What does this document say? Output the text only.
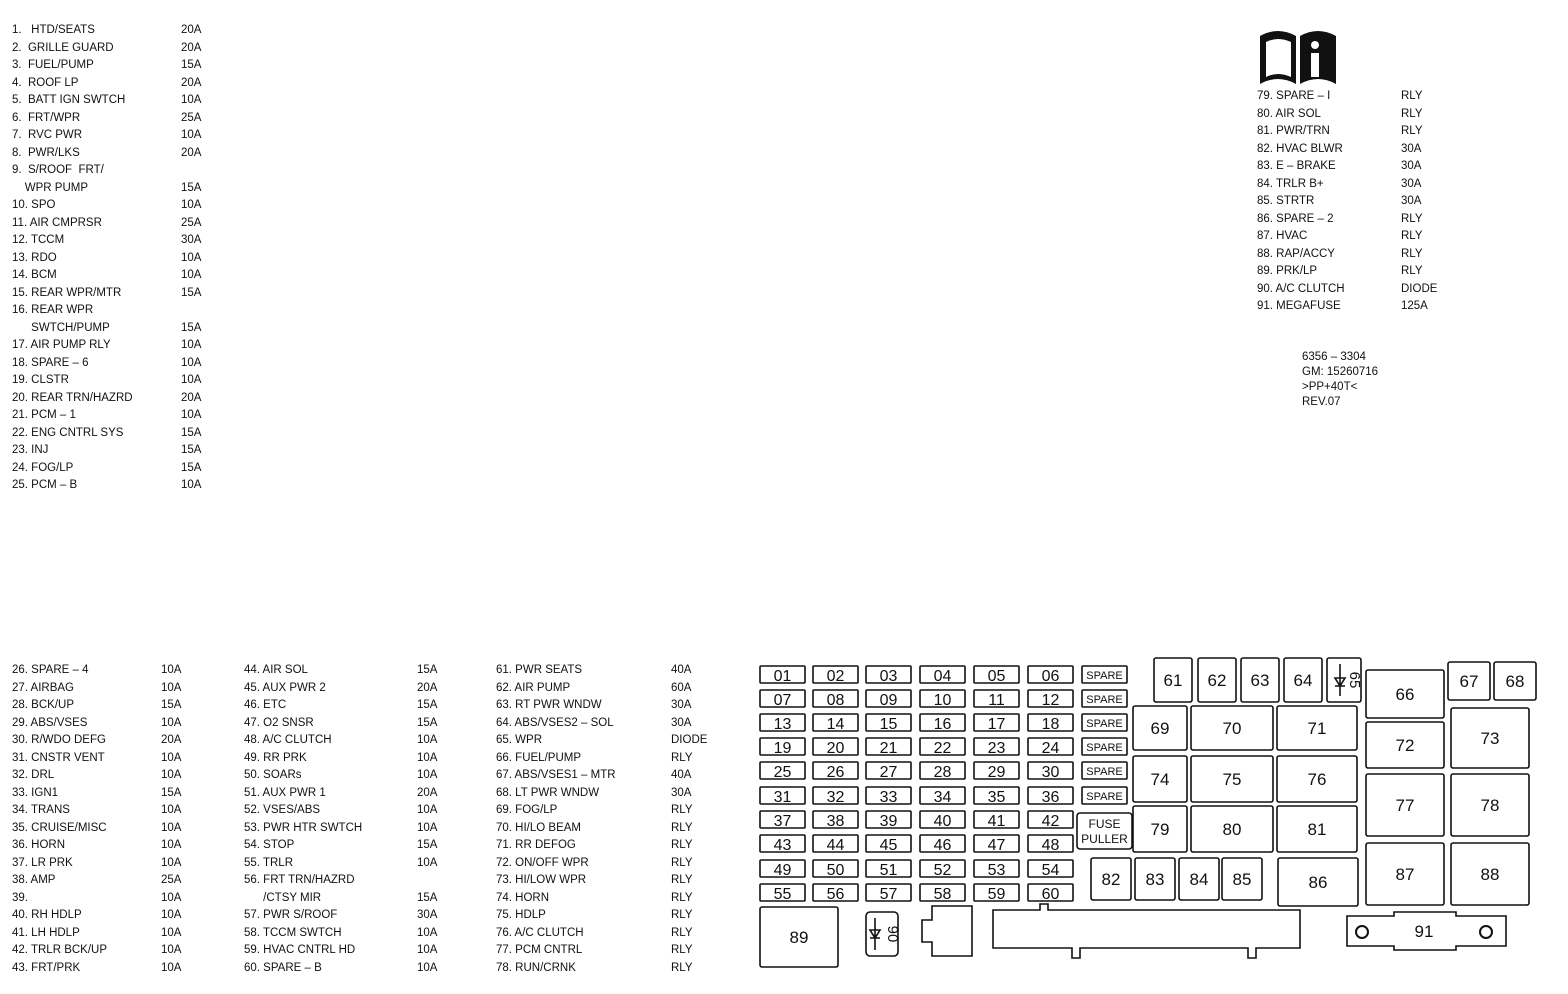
1.   HTD/SEATS	20A
2.  GRILLE GUARD	20A
3.  FUEL/PUMP	15A
4.  ROOF LP	20A
5.  BATT IGN SWTCH	10A
6.  FRT/WPR	25A
7.  RVC PWR	10A
8.  PWR/LKS	20A
9.  S/ROOF  FRT/
WPR PUMP	15A
10. SPO	10A
11. AIR CMPRSR	25A
12. TCCM	30A
13. RDO	10A
14. BCM	10A
15. REAR WPR/MTR	15A
16. REAR WPR
SWTCH/PUMP	15A
17. AIR PUMP RLY	10A
18. SPARE – 6	10A
19. CLSTR	10A
20. REAR TRN/HAZRD	20A
21. PCM – 1	10A
22. ENG CNTRL SYS	15A
23. INJ	15A
24. FOG/LP	15A
25. PCM – B	10A
79. SPARE – I	RLY
80. AIR SOL	RLY
81. PWR/TRN	RLY
82. HVAC BLWR	30A
83. E – BRAKE	30A
84. TRLR B+	30A
85. STRTR	30A
86. SPARE – 2	RLY
87. HVAC	RLY
88. RAP/ACCY	RLY
89. PRK/LP	RLY
90. A/C CLUTCH	DIODE
91. MEGAFUSE	125A
6356 – 3304
GM: 15260716
>PP+40T<
REV.07
26. SPARE – 4	10A
27. AIRBAG	10A
28. BCK/UP	15A
29. ABS/VSES	10A
30. R/WDO DEFG	20A
31. CNSTR VENT	10A
32. DRL	10A
33. IGN1	15A
34. TRANS	10A
35. CRUISE/MISC	10A
36. HORN	10A
37. LR PRK	10A
38. AMP	25A
39.	10A
40. RH HDLP	10A
41. LH HDLP	10A
42. TRLR BCK/UP	10A
43. FRT/PRK	10A
44. AIR SOL	15A
45. AUX PWR 2	20A
46. ETC	15A
47. O2 SNSR	15A
48. A/C CLUTCH	10A
49. RR PRK	10A
50. SOARs	10A
51. AUX PWR 1	20A
52. VSES/ABS	10A
53. PWR HTR SWTCH	10A
54. STOP	15A
55. TRLR	10A
56. FRT TRN/HAZRD
/CTSY MIR	15A
57. PWR S/ROOF	30A
58. TCCM SWTCH	10A
59. HVAC CNTRL HD	10A
60. SPARE – B	10A
61. PWR SEATS	40A
62. AIR PUMP	60A
63. RT PWR WNDW	30A
64. ABS/VSES2 – SOL	30A
65. WPR	DIODE
66. FUEL/PUMP	RLY
67. ABS/VSES1 – MTR	40A
68. LT PWR WNDW	30A
69. FOG/LP	RLY
70. HI/LO BEAM	RLY
71. RR DEFOG	RLY
72. ON/OFF WPR	RLY
73. HI/LOW WPR	RLY
74. HORN	RLY
75. HDLP	RLY
76. A/C CLUTCH	RLY
77. PCM CNTRL	RLY
78. RUN/CRNK	RLY
01 02 03 04 05 06
07 08 09 10 11 12
13 14 15 16 17 18
19 20 21 22 23 24
25 26 27 28 29 30
31 32 33 34 35 36
37 38 39 40 41 42
43 44 45 46 47 48
49 50 51 52 53 54
55 56 57 58 59 60
SPARE
SPARE
SPARE
SPARE
SPARE
SPARE
FUSE
PULLER
61 62 63 64
66
67 68
69	70	71
72	73
74	75	76
77	78
79	80	81
82 83 84 85	86	87	88
89
65
90	91
